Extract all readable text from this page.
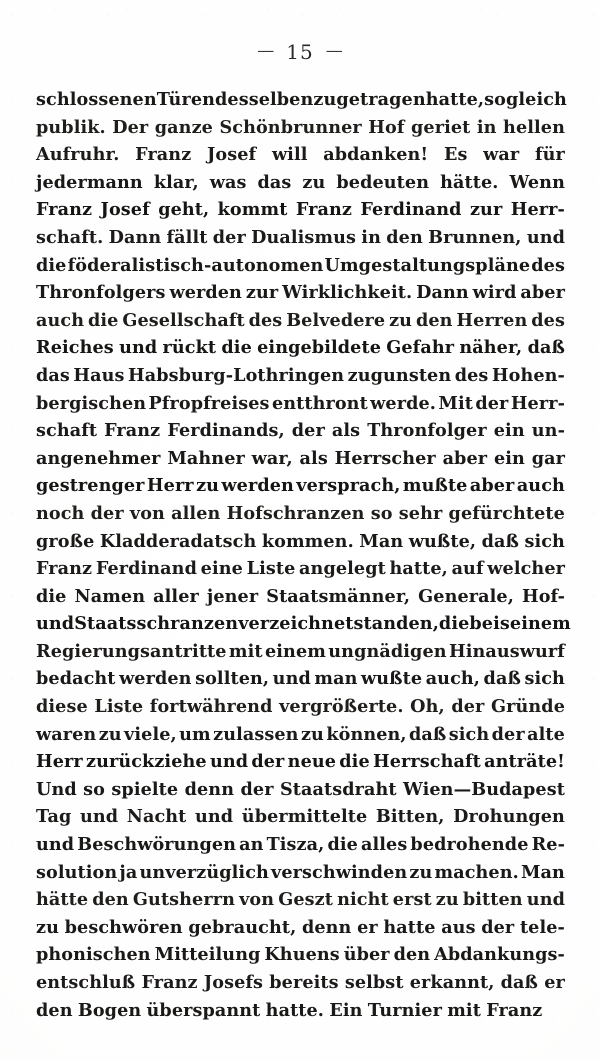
— 15 —
schlossenen Türen desselben zugetragen hatte, sogleich
publik. Der ganze Schönbrunner Hof geriet in hellen
Aufruhr. Franz Josef will abdanken! Es war für
jedermann klar, was das zu bedeuten hätte. Wenn
Franz Josef geht, kommt Franz Ferdinand zur Herr-
schaft. Dann fällt der Dualismus in den Brunnen, und
die föderalistisch-autonomen Umgestaltungspläne des
Thronfolgers werden zur Wirklichkeit. Dann wird aber
auch die Gesellschaft des Belvedere zu den Herren des
Reiches und rückt die eingebildete Gefahr näher, daß
das Haus Habsburg-Lothringen zugunsten des Hohen-
bergischen Pfropfreises entthront werde. Mit der Herr-
schaft Franz Ferdinands, der als Thronfolger ein un-
angenehmer Mahner war, als Herrscher aber ein gar
gestrenger Herr zu werden versprach, mußte aber auch
noch der von allen Hofschranzen so sehr gefürchtete
große Kladderadatsch kommen. Man wußte, daß sich
Franz Ferdinand eine Liste angelegt hatte, auf welcher
die Namen aller jener Staatsmänner, Generale, Hof-
und Staatsschranzen verzeichnet standen, die bei seinem
Regierungsantritte mit einem ungnädigen Hinauswurf
bedacht werden sollten, und man wußte auch, daß sich
diese Liste fortwährend vergrößerte. Oh, der Gründe
waren zu viele, um zulassen zu können, daß sich der alte
Herr zurückziehe und der neue die Herrschaft anträte!
Und so spielte denn der Staatsdraht Wien—Budapest
Tag und Nacht und übermittelte Bitten, Drohungen
und Beschwörungen an Tisza, die alles bedrohende Re-
solution ja unverzüglich verschwinden zu machen. Man
hätte den Gutsherrn von Geszt nicht erst zu bitten und
zu beschwören gebraucht, denn er hatte aus der tele-
phonischen Mitteilung Khuens über den Abdankungs-
entschluß Franz Josefs bereits selbst erkannt, daß er
den Bogen überspannt hatte. Ein Turnier mit Franz
